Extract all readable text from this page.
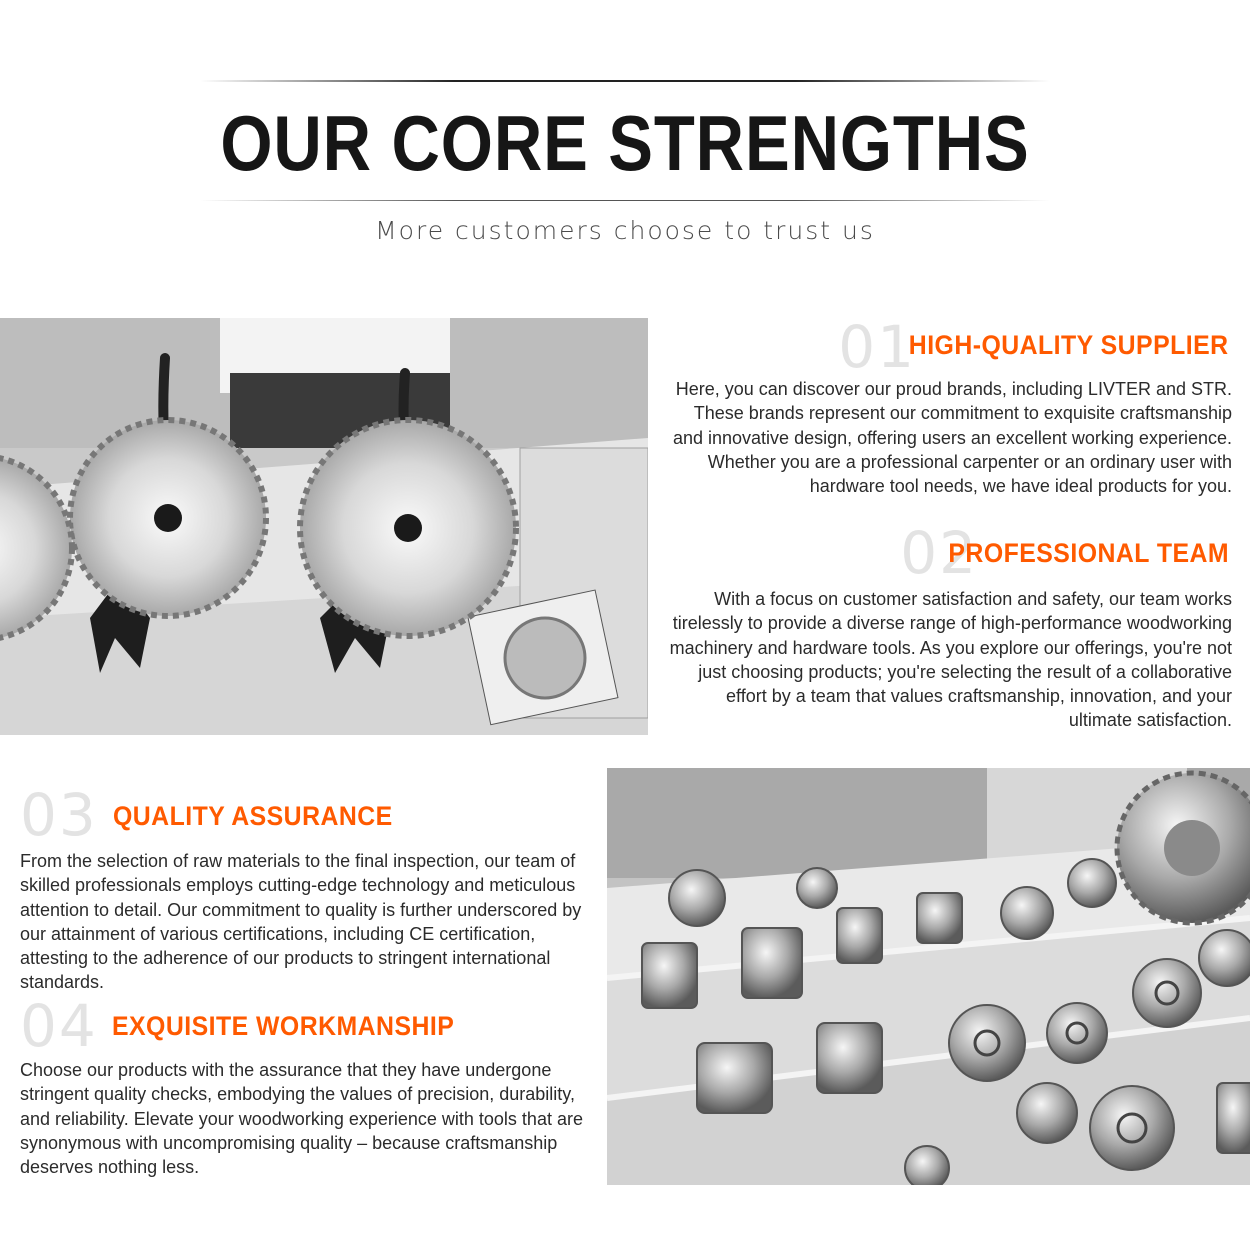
OUR CORE STRENGTHS
More customers choose to trust us
01
HIGH-QUALITY SUPPLIER

Here, you can discover our proud brands, including LIVTER and STR. These brands represent our commitment to exquisite craftsmanship and innovative design, offering users an excellent working experience. Whether you are a professional carpenter or an ordinary user with hardware tool needs, we have ideal products for you.

02
PROFESSIONAL TEAM

With a focus on customer satisfaction and safety, our team works tirelessly to provide a diverse range of high-performance woodworking machinery and hardware tools. As you explore our offerings, you're not just choosing products; you're selecting the result of a collaborative effort by a team that values craftsmanship, innovation, and your ultimate satisfaction.

03 QUALITY ASSURANCE

From the selection of raw materials to the final inspection, our team of skilled professionals employs cutting-edge technology and meticulous attention to detail. Our commitment to quality is further underscored by our attainment of various certifications, including CE certification, attesting to the adherence of our products to stringent international standards.

04 EXQUISITE WORKMANSHIP

Choose our products with the assurance that they have undergone stringent quality checks, embodying the values of precision, durability, and reliability. Elevate your woodworking experience with tools that are synonymous with uncompromising quality – because craftsmanship deserves nothing less.
